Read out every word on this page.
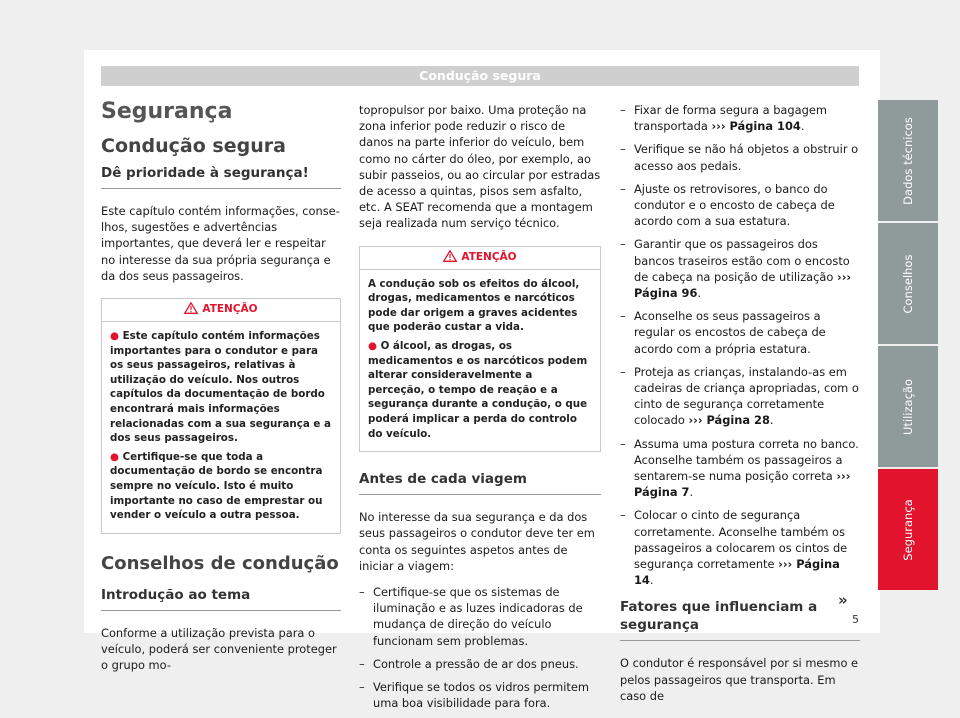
Condução segura
Segurança
Condução segura
Dê prioridade à segurança!

Este capítulo contém informações, conselhos, sugestões e advertências importantes, que deverá ler e respeitar no interesse da sua própria segurança e da dos seus passageiros.

ATENÇÃO
● Este capítulo contém informações importantes para o condutor e para os seus passageiros, relativas à utilização do veículo. Nos outros capítulos da documentação de bordo encontrará mais informações relacionadas com a sua segurança e a dos seus passageiros.
● Certifique-se que toda a documentação de bordo se encontra sempre no veículo. Isto é muito importante no caso de emprestar ou vender o veículo a outra pessoa.
Conselhos de condução
Introdução ao tema

Conforme a utilização prevista para o veículo, poderá ser conveniente proteger o grupo mo-

topropulsor por baixo. Uma proteção na zona inferior pode reduzir o risco de danos na parte inferior do veículo, bem como no cárter do óleo, por exemplo, ao subir passeios, ou ao circular por estradas de acesso a quintas, pisos sem asfalto, etc. A SEAT recomenda que a montagem seja realizada num serviço técnico.

ATENÇÃO
A condução sob os efeitos do álcool, drogas, medicamentos e narcóticos pode dar origem a graves acidentes que poderão custar a vida.
● O álcool, as drogas, os medicamentos e os narcóticos podem alterar consideravelmente a perceção, o tempo de reação e a segurança durante a condução, o que poderá implicar a perda do controlo do veículo.
Antes de cada viagem

No interesse da sua segurança e da dos seus passageiros o condutor deve ter em conta os seguintes aspetos antes de iniciar a viagem:

– Certifique-se que os sistemas de iluminação e as luzes indicadoras de mudança de direção do veículo funcionam sem problemas.
– Controle a pressão de ar dos pneus.
– Verifique se todos os vidros permitem uma boa visibilidade para fora.
– Fixar de forma segura a bagagem transportada ››› Página 104.
– Verifique se não há objetos a obstruir o acesso aos pedais.
– Ajuste os retrovisores, o banco do condutor e o encosto de cabeça de acordo com a sua estatura.
– Garantir que os passageiros dos bancos traseiros estão com o encosto de cabeça na posição de utilização ››› Página 96.
– Aconselhe os seus passageiros a regular os encostos de cabeça de acordo com a própria estatura.
– Proteja as crianças, instalando-as em cadeiras de criança apropriadas, com o cinto de segurança corretamente colocado ››› Página 28.
– Assuma uma postura correta no banco. Aconselhe também os passageiros a sentarem-se numa posição correta ››› Página 7.
– Colocar o cinto de segurança corretamente. Aconselhe também os passageiros a colocarem os cintos de segurança corretamente ››› Página 14.
Fatores que influenciam a segurança

O condutor é responsável por si mesmo e pelos passageiros que transporta. Em caso de

»
Dados técnicos
Conselhos
Utilização
Segurança
5
